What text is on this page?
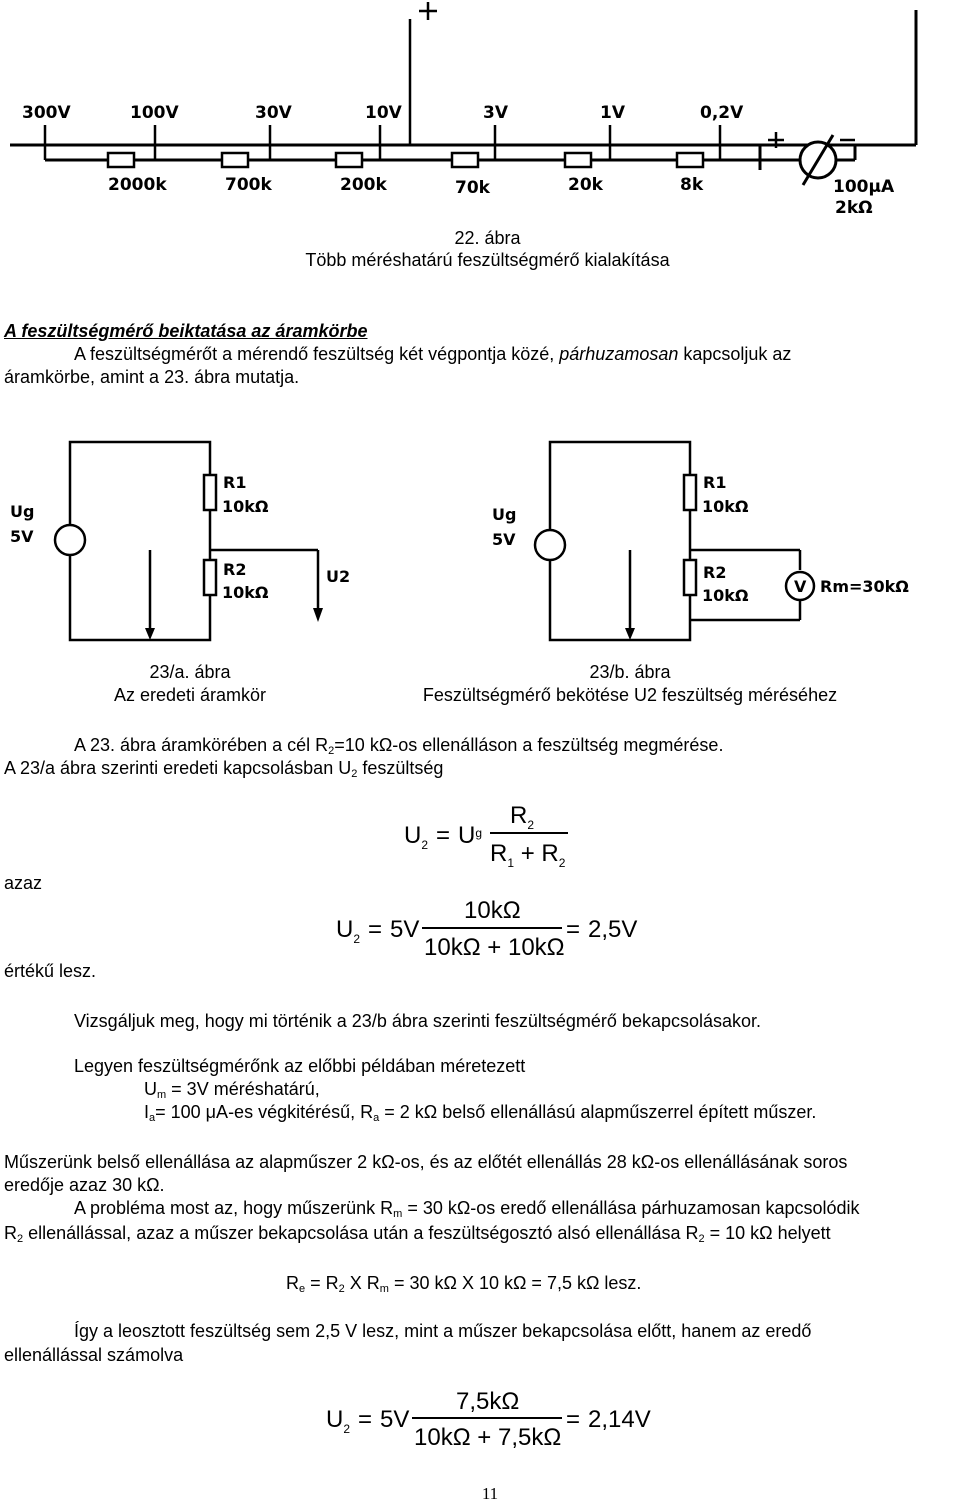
300V	100V	30V	10V	3V	1V	0,2V
2000k	700k	200k	70k	20k	8k	100μA
2kΩ
22. ábra
Több méréshatárú feszültségmérő kialakítása
A feszültségmérő beiktatása az áramkörbe
A feszültségmérőt a mérendő feszültség két végpontja közé, párhuzamosan kapcsoljuk az
áramkörbe, amint a 23. ábra mutatja.
Ug
5V
R1
10kΩ
R2
10kΩ
U2
Ug
5V
R1
10kΩ
R2
10kΩ	V Rm=30kΩ
23/a. ábra
Az eredeti áramkör
23/b. ábra
Feszültségmérő bekötése U2 feszültség méréséhez
A 23. ábra áramkörében a cél R2=10 kΩ-os ellenálláson a feszültség megmérése.
A 23/a ábra szerinti eredeti kapcsolásban U2 feszültség
$U_2 = U^g$
$R_2$
$R_1 + R_2$
azaz
$U_2 = 5V$
10kΩ
10kΩ + 10kΩ
= 2,5V
értékű lesz.
Vizsgáljuk meg, hogy mi történik a 23/b ábra szerinti feszültségmérő bekapcsolásakor.
Legyen feszültségmérőnk az előbbi példában méretezett
Um = 3V méréshatárú,
Ia= 100 μA-es végkitérésű, Ra = 2 kΩ belső ellenállású alapműszerrel épített műszer.
Műszerünk belső ellenállása az alapműszer 2 kΩ-os, és az előtét ellenállás 28 kΩ-os ellenállásának soros
eredője azaz 30 kΩ.
A probléma most az, hogy műszerünk Rm = 30 kΩ-os eredő ellenállása párhuzamosan kapcsolódik
R2 ellenállással, azaz a műszer bekapcsolása után a feszültségosztó alsó ellenállása R2 = 10 kΩ helyett
Re = R2 X Rm = 30 kΩ X 10 kΩ = 7,5 kΩ lesz.
Így a leosztott feszültség sem 2,5 V lesz, mint a műszer bekapcsolása előtt, hanem az eredő
ellenállással számolva
$U_2 = 5V$
7,5kΩ
10kΩ + 7,5kΩ
= 2,14V
11
